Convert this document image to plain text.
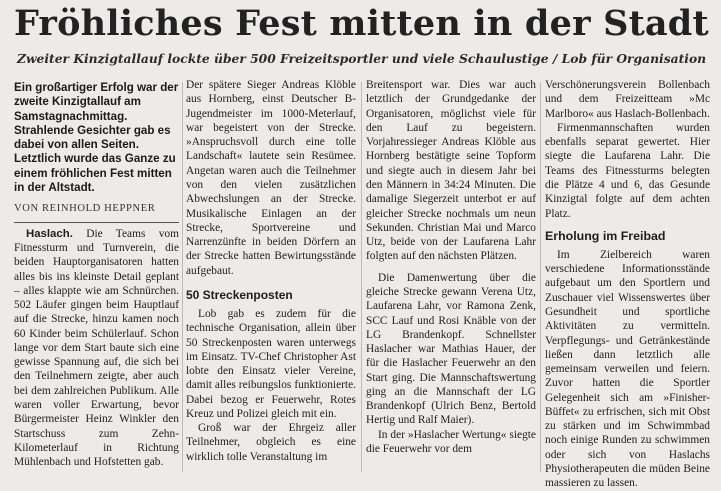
Fröhliches Fest mitten in der Stadt
Zweiter Kinzigtallauf lockte über 500 Freizeitsportler und viele Schaulustige / Lob für Organisation
Ein großartiger Erfolg war der zweite Kinzigtallauf am Samstagnachmittag. Strahlende Gesichter gab es dabei von allen Seiten. Letztlich wurde das Ganze zu einem fröhlichen Fest mitten in der Altstadt.
VON REINHOLD HEPPNER

Haslach. Die Teams vom Fitnessturm und Turnverein, die beiden Hauptorganisatoren hatten alles bis ins kleinste Detail geplant – alles klappte wie am Schnürchen. 502 Läufer gingen beim Hauptlauf auf die Strecke, hinzu kamen noch 60 Kinder beim Schülerlauf. Schon lange vor dem Start baute sich eine gewisse Spannung auf, die sich bei den Teilnehmern zeigte, aber auch bei dem zahlreichen Publikum. Alle waren voller Erwartung, bevor Bürgermeister Heinz Winkler den Startschuss zum Zehn-Kilometerlauf in Richtung Mühlenbach und Hofstetten gab.

Der spätere Sieger Andreas Klöble aus Hornberg, einst Deutscher B-Jugendmeister im 1000-Meterlauf, war begeistert von der Strecke. »Anspruchsvoll durch eine tolle Landschaft« lautete sein Resümee. Angetan waren auch die Teilnehmer von den vielen zusätzlichen Abwechslungen an der Strecke. Musikalische Einlagen an der Strecke, Sportvereine und Narrenzünfte in beiden Dörfern an der Strecke hatten Bewirtungsstände aufgebaut.

50 Streckenposten

Lob gab es zudem für die technische Organisation, allein über 50 Streckenposten waren unterwegs im Einsatz. TV-Chef Christopher Ast lobte den Einsatz vieler Vereine, damit alles reibungslos funktionierte. Dabei bezog er Feuerwehr, Rotes Kreuz und Polizei gleich mit ein.

Groß war der Ehrgeiz aller Teilnehmer, obgleich es eine wirklich tolle Veranstaltung im

Breitensport war. Dies war auch letztlich der Grundgedanke der Organisatoren, möglichst viele für den Lauf zu begeistern. Vorjahressieger Andreas Klöble aus Hornberg bestätigte seine Topform und siegte auch in diesem Jahr bei den Männern in 34:24 Minuten. Die damalige Siegerzeit unterbot er auf gleicher Strecke nochmals um neun Sekunden. Christian Mai und Marco Utz, beide von der Laufarena Lahr folgten auf den nächsten Plätzen.

Die Damenwertung über die gleiche Strecke gewann Verena Utz, Laufarena Lahr, vor Ramona Zenk, SCC Lauf und Rosi Knäble von der LG Brandenkopf. Schnellster Haslacher war Mathias Hauer, der für die Haslacher Feuerwehr an den Start ging. Die Mannschaftswertung ging an die Mannschaft der LG Brandenkopf (Ulrich Benz, Bertold Hertig und Ralf Maier).

In der »Haslacher Wertung« siegte die Feuerwehr vor dem

Verschönerungsverein Bollenbach und dem Freizeitteam »Mc Marlboro« aus Haslach-Bollenbach.

Firmenmannschaften wurden ebenfalls separat gewertet. Hier siegte die Laufarena Lahr. Die Teams des Fitnessturms belegten die Plätze 4 und 6, das Gesunde Kinzigtal folgte auf dem achten Platz.

Erholung im Freibad

Im Zielbereich waren verschiedene Informationsstände aufgebaut um den Sportlern und Zuschauer viel Wissenswertes über Gesundheit und sportliche Aktivitäten zu vermitteln. Verpflegungs- und Getränkestände ließen dann letztlich alle gemeinsam verweilen und feiern. Zuvor hatten die Sportler Gelegenheit sich am »Finisher-Büffet« zu erfrischen, sich mit Obst zu stärken und im Schwimmbad noch einige Runden zu schwimmen oder sich von Haslachs Physiotherapeuten die müden Beine massieren zu lassen.
